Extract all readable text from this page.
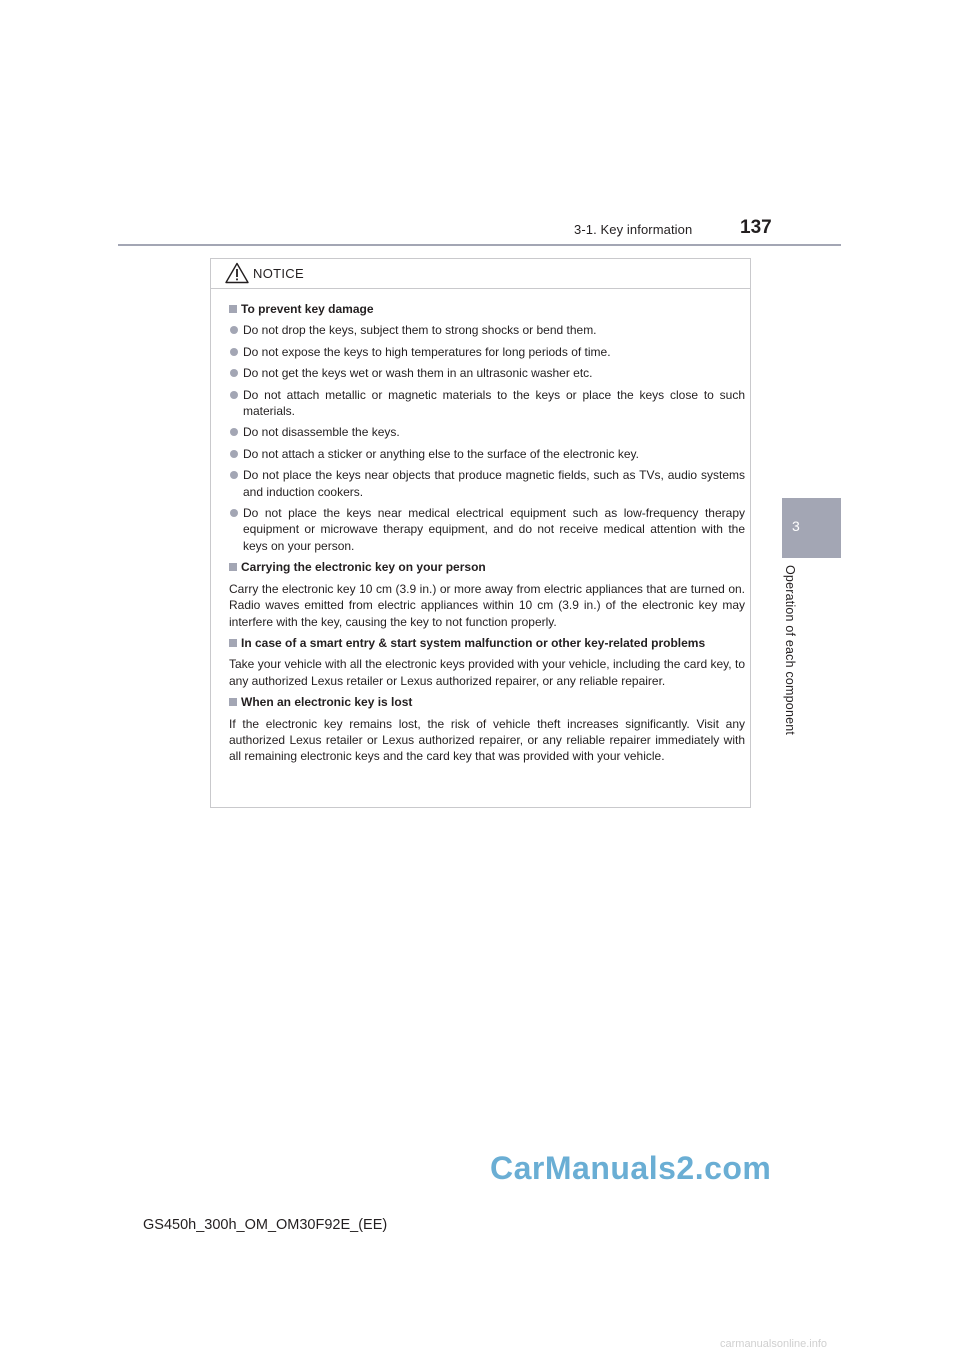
3-1. Key information	137
3
Operation of each component
NOTICE
To prevent key damage
Do not drop the keys, subject them to strong shocks or bend them.
Do not expose the keys to high temperatures for long periods of time.
Do not get the keys wet or wash them in an ultrasonic washer etc.
Do not attach metallic or magnetic materials to the keys or place the keys close to such materials.
Do not disassemble the keys.
Do not attach a sticker or anything else to the surface of the electronic key.
Do not place the keys near objects that produce magnetic fields, such as TVs, audio systems and induction cookers.
Do not place the keys near medical electrical equipment such as low-frequency therapy equipment or microwave therapy equipment, and do not receive medical attention with the keys on your person.
Carrying the electronic key on your person
Carry the electronic key 10 cm (3.9 in.) or more away from electric appliances that are turned on. Radio waves emitted from electric appliances within 10 cm (3.9 in.) of the electronic key may interfere with the key, causing the key to not function properly.
In case of a smart entry & start system malfunction or other key-related problems
Take your vehicle with all the electronic keys provided with your vehicle, including the card key, to any authorized Lexus retailer or Lexus authorized repairer, or any reliable repairer.
When an electronic key is lost
If the electronic key remains lost, the risk of vehicle theft increases significantly. Visit any authorized Lexus retailer or Lexus authorized repairer, or any reliable repairer immediately with all remaining electronic keys and the card key that was provided with your vehicle.
CarManuals2.com
GS450h_300h_OM_OM30F92E_(EE)
carmanualsonline.info
